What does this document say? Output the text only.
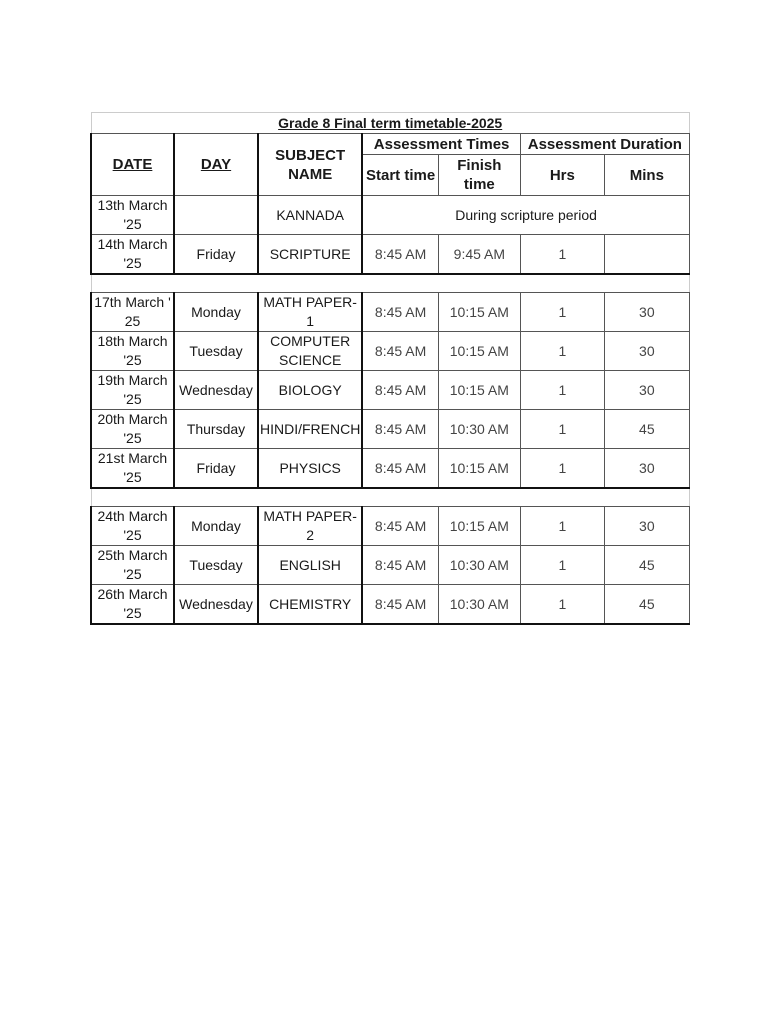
Grade 8 Final term timetable-2025						
DATE	DAY	SUBJECT NAME	Assessment Times		Assessment Duration	
			Start time	Finish time	Hrs	Mins
13th March '25		KANNADA	During scripture period			
14th March '25	Friday	SCRIPTURE	8:45 AM	9:45 AM	1	

17th March ' 25	Monday	MATH PAPER-1	8:45 AM	10:15 AM	1	30
18th March '25	Tuesday	COMPUTER SCIENCE	8:45 AM	10:15 AM	1	30
19th March '25	Wednesday	BIOLOGY	8:45 AM	10:15 AM	1	30
20th March '25	Thursday	HINDI/FRENCH	8:45 AM	10:30 AM	1	45
21st March '25	Friday	PHYSICS	8:45 AM	10:15 AM	1	30

24th March '25	Monday	MATH PAPER-2	8:45 AM	10:15 AM	1	30
25th March '25	Tuesday	ENGLISH	8:45 AM	10:30 AM	1	45
26th March '25	Wednesday	CHEMISTRY	8:45 AM	10:30 AM	1	45
